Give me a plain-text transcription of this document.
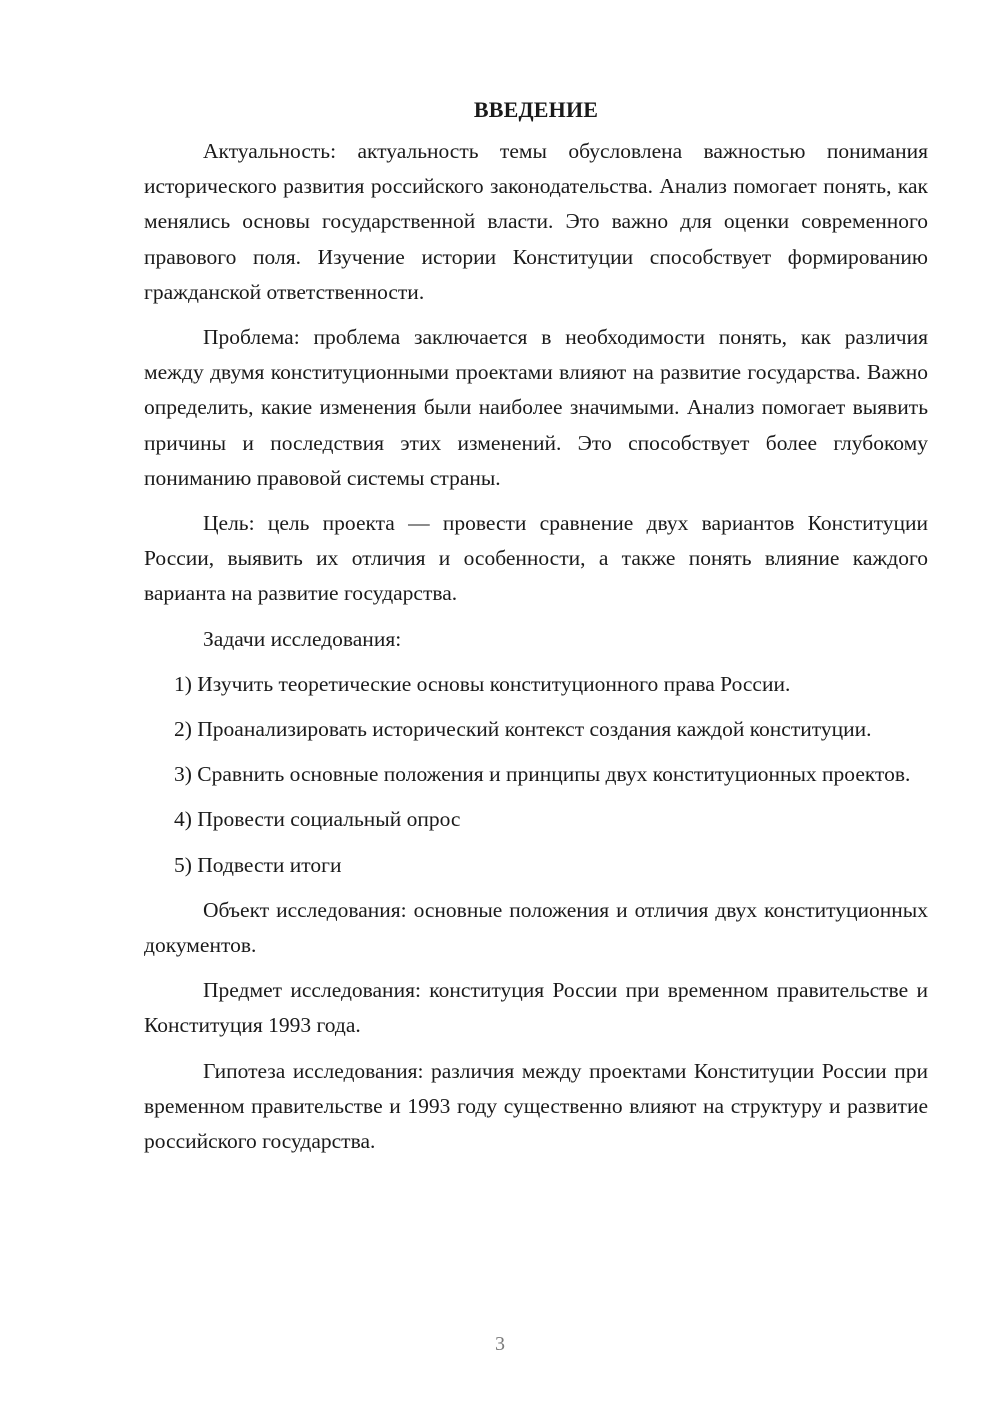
ВВЕДЕНИЕ

Актуальность: актуальность темы обусловлена важностью понимания исторического развития российского законодательства. Анализ помогает понять, как менялись основы государственной власти. Это важно для оценки современного правового поля. Изучение истории Конституции способствует формированию гражданской ответственности.

Проблема: проблема заключается в необходимости понять, как различия между двумя конституционными проектами влияют на развитие государства. Важно определить, какие изменения были наиболее значимыми. Анализ помогает выявить причины и последствия этих изменений. Это способствует более глубокому пониманию правовой системы страны.

Цель: цель проекта — провести сравнение двух вариантов Конституции России, выявить их отличия и особенности, а также понять влияние каждого варианта на развитие государства.

Задачи исследования:

1) Изучить теоретические основы конституционного права России.

2) Проанализировать исторический контекст создания каждой конституции.

3) Сравнить основные положения и принципы двух конституционных проектов.

4) Провести социальный опрос

5) Подвести итоги

Объект исследования: основные положения и отличия двух конституционных документов.

Предмет исследования: конституция России при временном правительстве и Конституция 1993 года.

Гипотеза исследования: различия между проектами Конституции России при временном правительстве и 1993 году существенно влияют на структуру и развитие российского государства.

3
